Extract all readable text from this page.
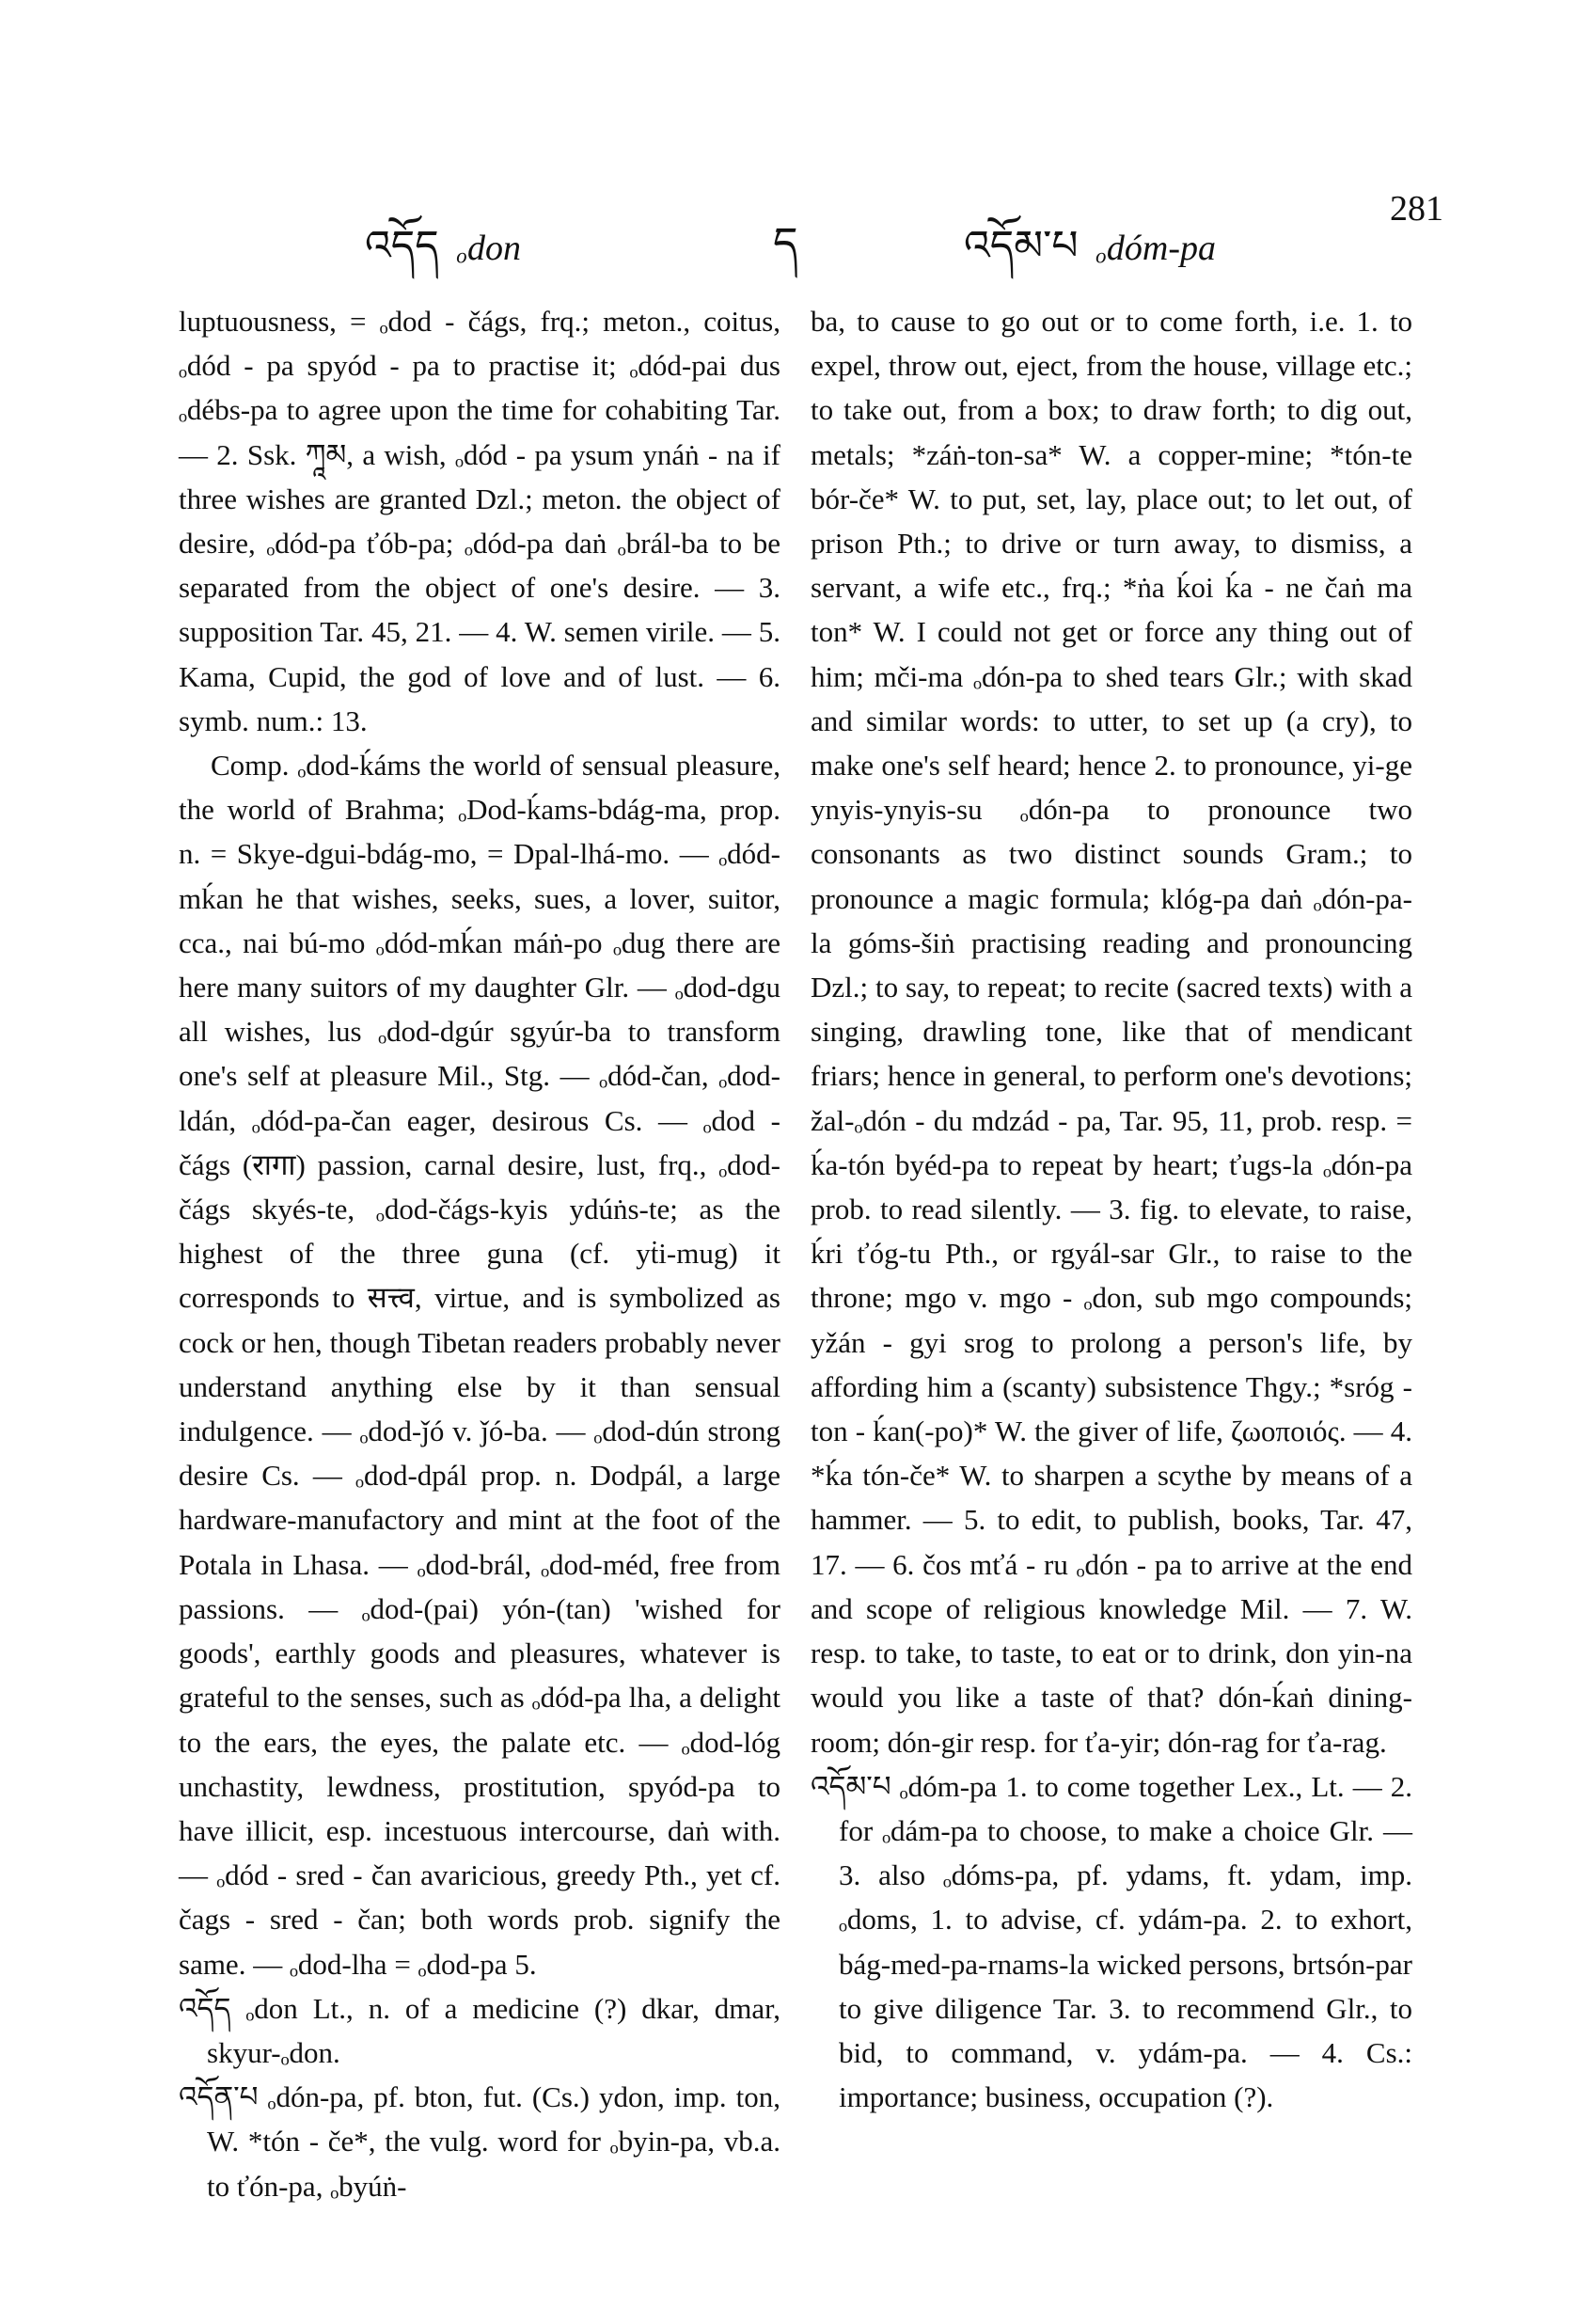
འདོད ₒdon	ད	འདོམ་པ ₒdóm-pa
281

luptuousness, = ₒdod - čágs, frq.; meton., coitus, ₒdód - pa spyód - pa to practise it; ₒdód-pai dus ₒdébs-pa to agree upon the time for cohabiting Tar. — 2. Ssk. ཀཱམ, a wish, ₒdód - pa ysum ynáṅ - na if three wishes are granted Dzl.; meton. the object of desire, ₒdód-pa ťób-pa; ₒdód-pa daṅ ₒbrál-ba to be separated from the object of one's desire. — 3. supposition Tar. 45, 21. — 4. W. semen virile. — 5. Kama, Cupid, the god of love and of lust. — 6. symb. num.: 13.

Comp. ₒdod-ḱáms the world of sensual pleasure, the world of Brahma; ₒDod-ḱams-bdág-ma, prop. n. = Skye-dgui-bdág-mo, = Dpal-lhá-mo. — ₒdód-mḱan he that wishes, seeks, sues, a lover, suitor, cca., nai bú-mo ₒdód-mḱan máṅ-po ₒdug there are here many suitors of my daughter Glr. — ₒdod-dgu all wishes, lus ₒdod-dgúr sgyúr-ba to transform one's self at pleasure Mil., Stg. — ₒdód-čan, ₒdod-ldán, ₒdód-pa-čan eager, desirous Cs. — ₒdod - čágs (रागा) passion, carnal desire, lust, frq., ₒdod-čágs skyés-te, ₒdod-čágs-kyis ydúṅs-te; as the highest of the three guna (cf. yṫi-mug) it corresponds to सत्त्व, virtue, and is symbolized as cock or hen, though Tibetan readers probably never understand anything else by it than sensual indulgence. — ₒdod-ǰó v. ǰó-ba. — ₒdod-dún strong desire Cs. — ₒdod-dpál prop. n. Dodpál, a large hardware-manufactory and mint at the foot of the Potala in Lhasa. — ₒdod-brál, ₒdod-méd, free from passions. — ₒdod-(pai) yón-(tan) 'wished for goods', earthly goods and pleasures, whatever is grateful to the senses, such as ₒdód-pa lha, a delight to the ears, the eyes, the palate etc. — ₒdod-lóg unchastity, lewdness, prostitution, spyód-pa to have illicit, esp. incestuous intercourse, daṅ with. — ₒdód - sred - čan avaricious, greedy Pth., yet cf. čags - sred - čan; both words prob. signify the same. — ₒdod-lha = ₒdod-pa 5.

འདོད ₒdon Lt., n. of a medicine (?) dkar, dmar, skyur-ₒdon.

འདོན་པ ₒdón-pa, pf. bton, fut. (Cs.) ydon, imp. ton, W. *tón - če*, the vulg. word for ₒbyin-pa, vb.a. to ťón-pa, ₒbyúṅ-

ba, to cause to go out or to come forth, i.e. 1. to expel, throw out, eject, from the house, village etc.; to take out, from a box; to draw forth; to dig out, metals; *záṅ-ton-sa* W. a copper-mine; *tón-te bór-če* W. to put, set, lay, place out; to let out, of prison Pth.; to drive or turn away, to dismiss, a servant, a wife etc., frq.; *ṅa ḱoi ḱa - ne čaṅ ma ton* W. I could not get or force any thing out of him; mči-ma ₒdón-pa to shed tears Glr.; with skad and similar words: to utter, to set up (a cry), to make one's self heard; hence 2. to pronounce, yi-ge ynyis-ynyis-su ₒdón-pa to pronounce two consonants as two distinct sounds Gram.; to pronounce a magic formula; klóg-pa daṅ ₒdón-pa-la góms-šiṅ practising reading and pronouncing Dzl.; to say, to repeat; to recite (sacred texts) with a singing, drawling tone, like that of mendicant friars; hence in general, to perform one's devotions; žal-ₒdón - du mdzád - pa, Tar. 95, 11, prob. resp. = ḱa-tón byéd-pa to repeat by heart; ťugs-la ₒdón-pa prob. to read silently. — 3. fig. to elevate, to raise, ḱri ťóg-tu Pth., or rgyál-sar Glr., to raise to the throne; mgo v. mgo - ₒdon, sub mgo compounds; yžán - gyi srog to prolong a person's life, by affording him a (scanty) subsistence Thgy.; *sróg - ton - ḱan(-po)* W. the giver of life, ζωοποιός. — 4. *ḱa tón-če* W. to sharpen a scythe by means of a hammer. — 5. to edit, to publish, books, Tar. 47, 17. — 6. čos mťá - ru ₒdón - pa to arrive at the end and scope of religious knowledge Mil. — 7. W. resp. to take, to taste, to eat or to drink, don yin-na would you like a taste of that? dón-ḱaṅ dining-room; dón-gir resp. for ťa-yir; dón-rag for ťa-rag.

འདོམ་པ ₒdóm-pa 1. to come together Lex., Lt. — 2. for ₒdám-pa to choose, to make a choice Glr. — 3. also ₒdóms-pa, pf. ydams, ft. ydam, imp. ₒdoms, 1. to advise, cf. ydám-pa. 2. to exhort, bág-med-pa-rnams-la wicked persons, brtsón-par to give diligence Tar. 3. to recommend Glr., to bid, to command, v. ydám-pa. — 4. Cs.: importance; business, occupation (?).
